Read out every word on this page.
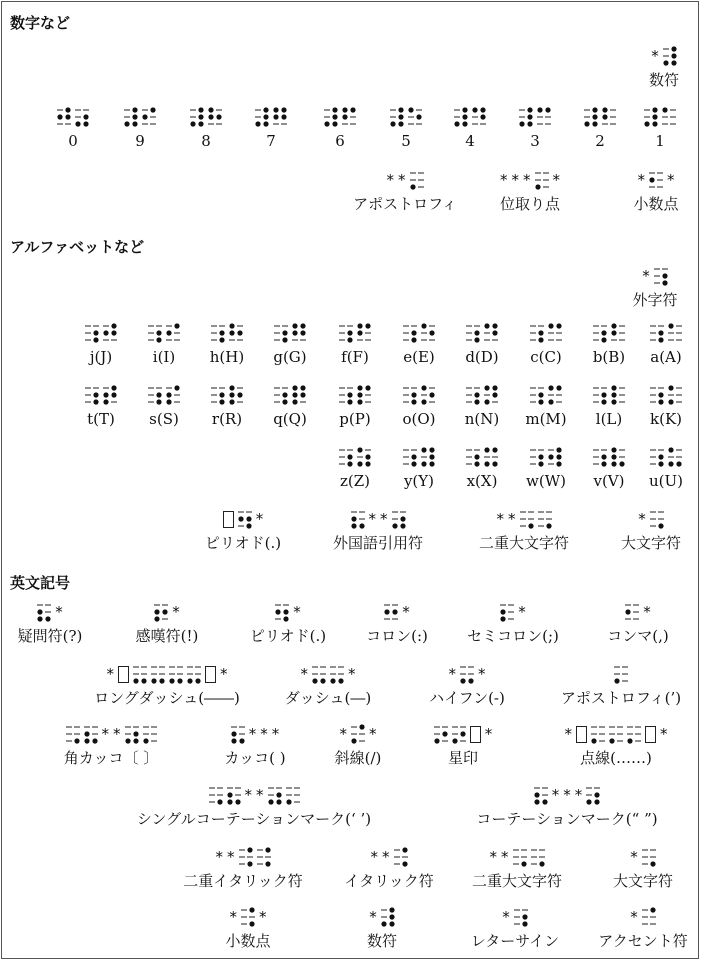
数字など
アルファベットなど
英文記号
*
数符
0	9	8	7	6	5	4	3	2	1
* *
アポストロフィ
* * * *
位取り点
* *
小数点
*
外字符
j(J)	i(I)	h(H)	g(G)	f(F)	e(E)	d(D)	c(C)	b(B)	a(A)
t(T)	s(S)	r(R)	q(Q)	p(P)	o(O)	n(N)	m(M)	l(L)	k(K)
z(Z)	y(Y)	x(X)	w(W)	v(V)	u(U)
*
ピリオド(.)
* *
外国語引用符
* *
二重大文字符
*
大文字符
*
疑問符(?)
*
感嘆符(!)
*
ピリオド(.)
*
コロン(:)
*
セミコロン(;)
*
コンマ(,)
*	*
ロングダッシュ(――)
*	*
ダッシュ(―)
* *
ハイフン(-)	アポストロフィ(’)
* *
角カッコ〔 〕
* * *
カッコ( )
* *
斜線(/)
*
星印
*	*
点線(……)
* *
シングルコーテーションマーク(‘ ’)
* * *
コーテーションマーク(“ ”)
* *
二重イタリック符
* *
イタリック符
* *
二重大文字符
*
大文字符
* *
小数点
*
数符
*
レターサイン
*
アクセント符
